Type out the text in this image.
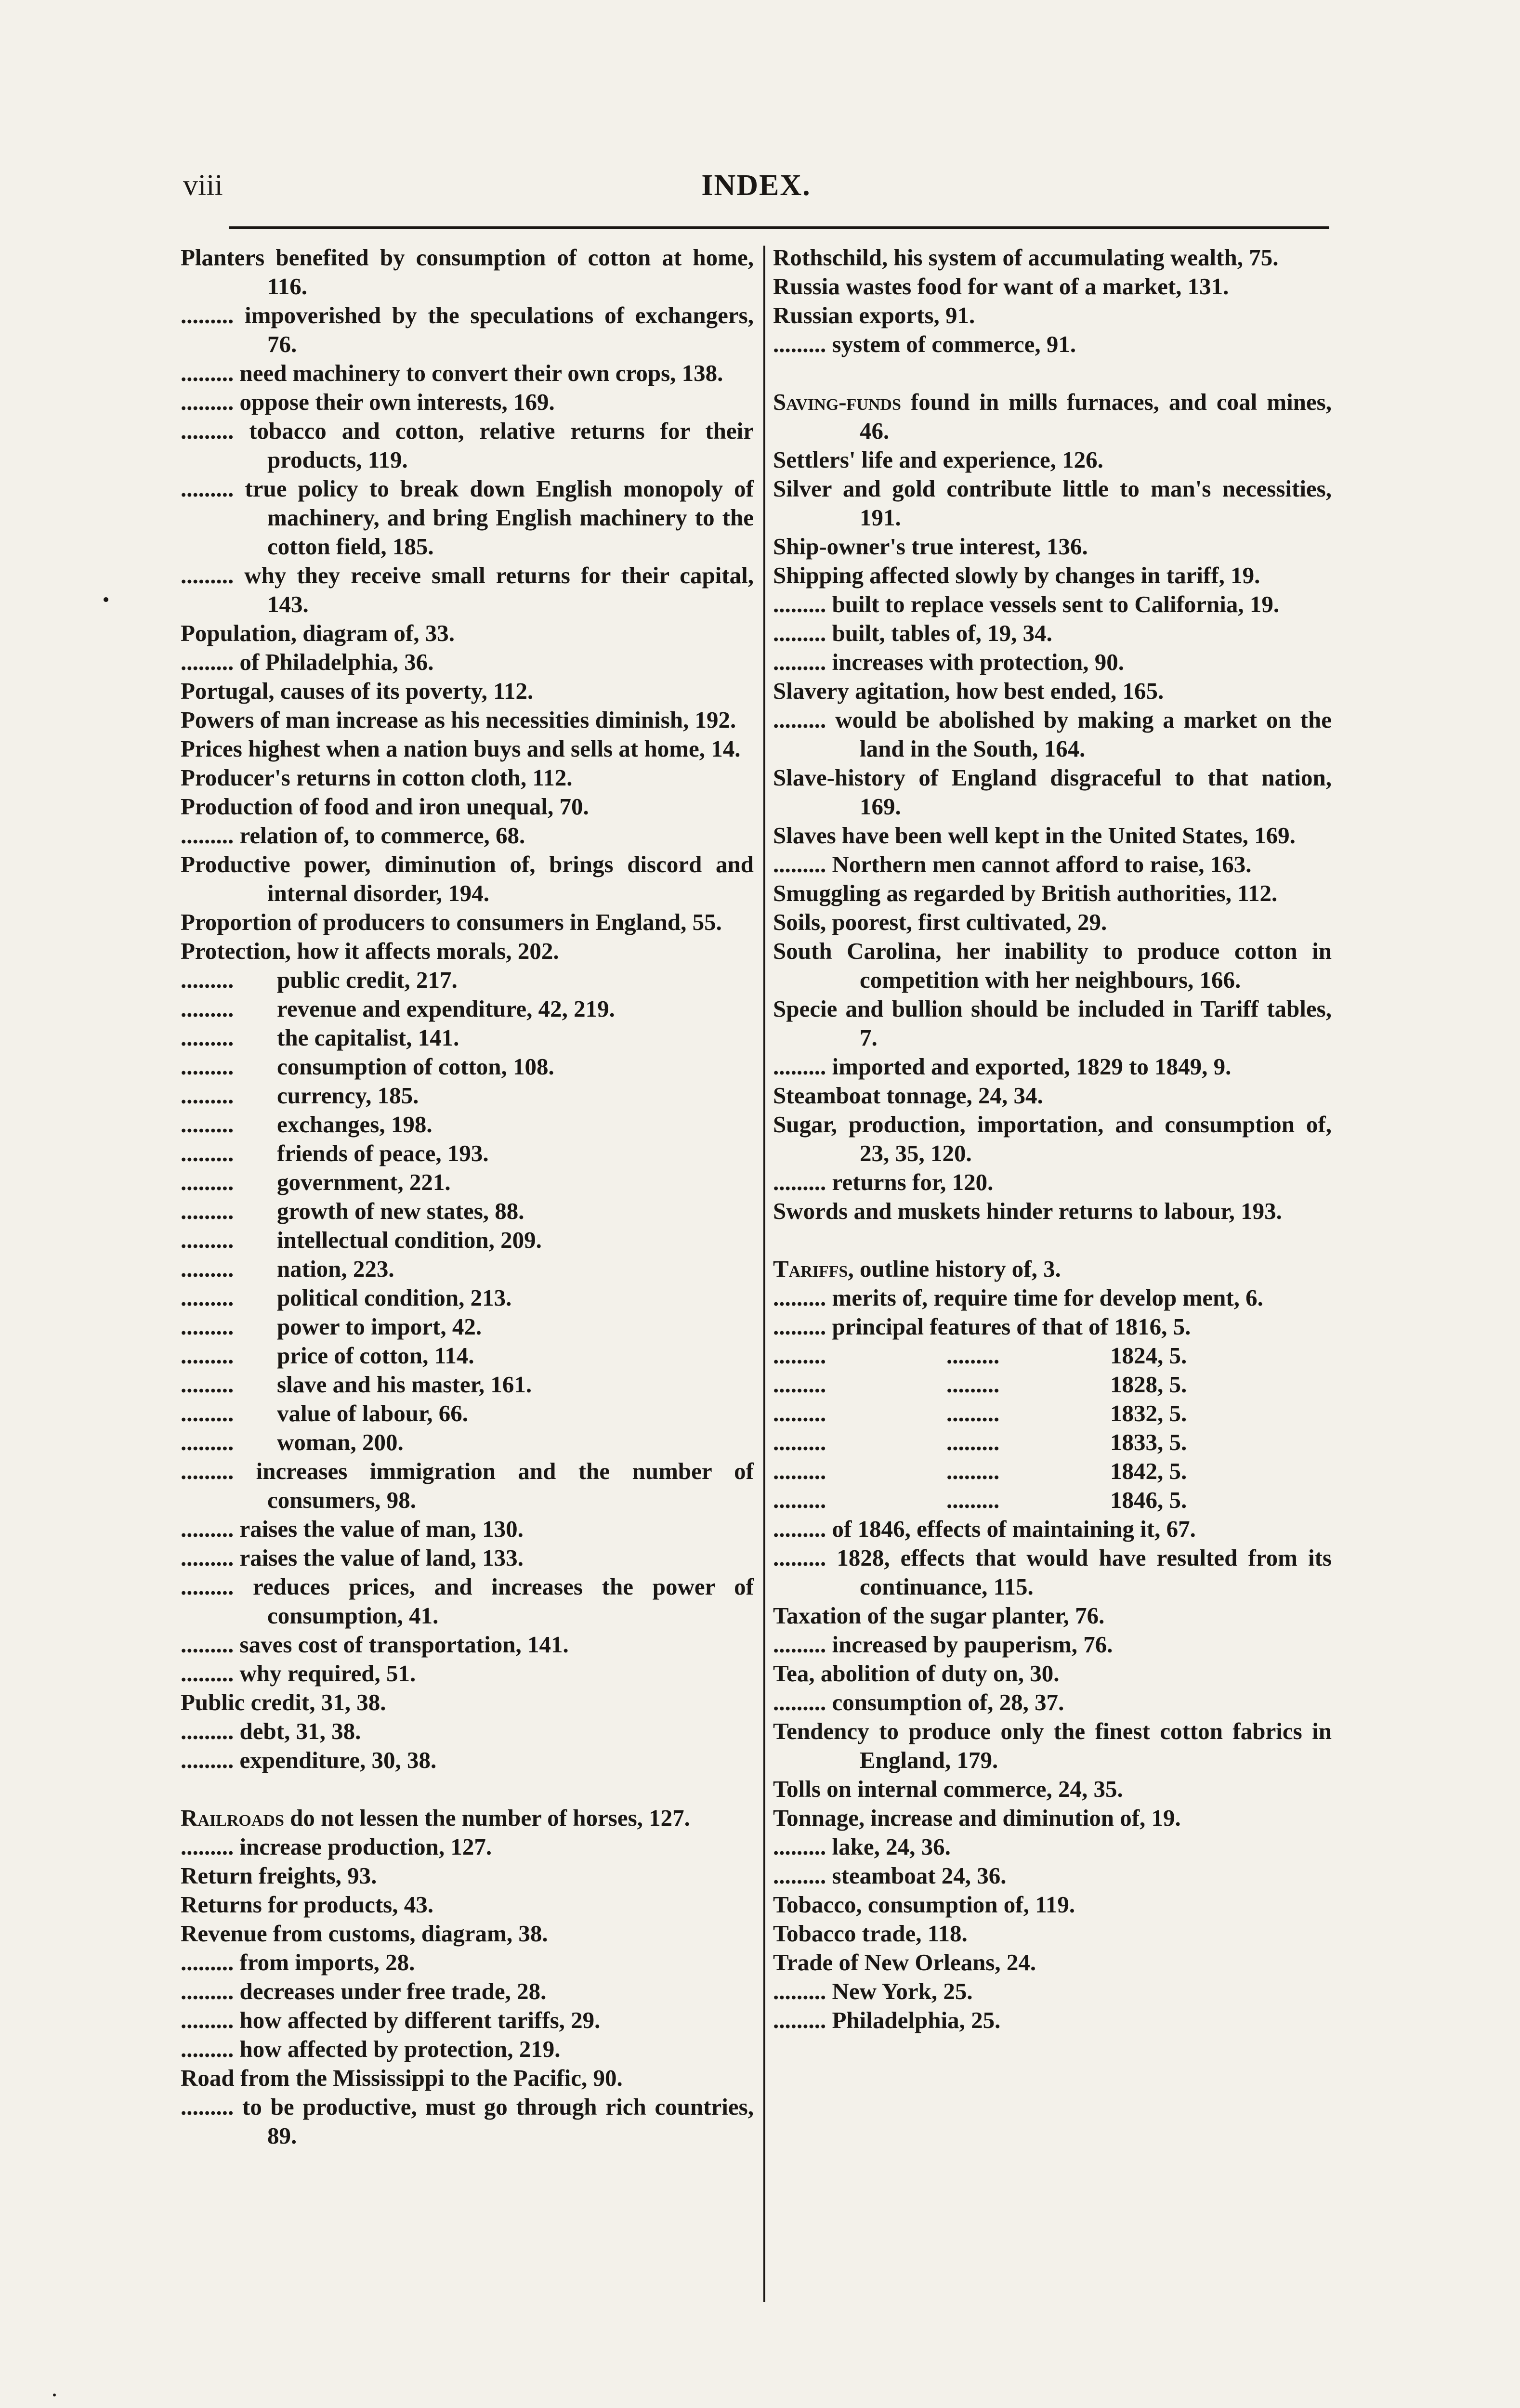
viii	INDEX.
Planters benefited by consumption of cotton at home, 116.
......... impoverished by the speculations of exchangers, 76.
......... need machinery to convert their own crops, 138.
......... oppose their own interests, 169.
......... tobacco and cotton, relative returns for their products, 119.
......... true policy to break down English monopoly of machinery, and bring English machinery to the cotton field, 185.
......... why they receive small returns for their capital, 143.
Population, diagram of, 33.
......... of Philadelphia, 36.
Portugal, causes of its poverty, 112.
Powers of man increase as his necessities diminish, 192.
Prices highest when a nation buys and sells at home, 14.
Producer's returns in cotton cloth, 112.
Production of food and iron unequal, 70.
......... relation of, to commerce, 68.
Productive power, diminution of, brings discord and internal disorder, 194.
Proportion of producers to consumers in England, 55.
Protection, how it affects morals, 202.
......... public credit, 217.
......... revenue and expenditure, 42, 219.
......... the capitalist, 141.
......... consumption of cotton, 108.
......... currency, 185.
......... exchanges, 198.
......... friends of peace, 193.
......... government, 221.
......... growth of new states, 88.
......... intellectual condition, 209.
......... nation, 223.
......... political condition, 213.
......... power to import, 42.
......... price of cotton, 114.
......... slave and his master, 161.
......... value of labour, 66.
......... woman, 200.
......... increases immigration and the number of consumers, 98.
......... raises the value of man, 130.
......... raises the value of land, 133.
......... reduces prices, and increases the power of consumption, 41.
......... saves cost of transportation, 141.
......... why required, 51.
Public credit, 31, 38.
......... debt, 31, 38.
......... expenditure, 30, 38.
Railroads do not lessen the number of horses, 127.
......... increase production, 127.
Return freights, 93.
Returns for products, 43.
Revenue from customs, diagram, 38.
......... from imports, 28.
......... decreases under free trade, 28.
......... how affected by different tariffs, 29.
......... how affected by protection, 219.
Road from the Mississippi to the Pacific, 90.
......... to be productive, must go through rich countries, 89.
Rothschild, his system of accumulating wealth, 75.
Russia wastes food for want of a market, 131.
Russian exports, 91.
......... system of commerce, 91.
Saving-funds found in mills furnaces, and coal mines, 46.
Settlers' life and experience, 126.
Silver and gold contribute little to man's necessities, 191.
Ship-owner's true interest, 136.
Shipping affected slowly by changes in tariff, 19.
......... built to replace vessels sent to California, 19.
......... built, tables of, 19, 34.
......... increases with protection, 90.
Slavery agitation, how best ended, 165.
......... would be abolished by making a market on the land in the South, 164.
Slave-history of England disgraceful to that nation, 169.
Slaves have been well kept in the United States, 169.
......... Northern men cannot afford to raise, 163.
Smuggling as regarded by British authorities, 112.
Soils, poorest, first cultivated, 29.
South Carolina, her inability to produce cotton in competition with her neighbours, 166.
Specie and bullion should be included in Tariff tables, 7.
......... imported and exported, 1829 to 1849, 9.
Steamboat tonnage, 24, 34.
Sugar, production, importation, and consumption of, 23, 35, 120.
......... returns for, 120.
Swords and muskets hinder returns to labour, 193.
Tariffs, outline history of, 3.
......... merits of, require time for develop ment, 6.
......... principal features of that of 1816, 5.
.........	.........	1824, 5.
.........	.........	1828, 5.
.........	.........	1832, 5.
.........	.........	1833, 5.
.........	.........	1842, 5.
.........	.........	1846, 5.
......... of 1846, effects of maintaining it, 67.
......... 1828, effects that would have resulted from its continuance, 115.
Taxation of the sugar planter, 76.
......... increased by pauperism, 76.
Tea, abolition of duty on, 30.
......... consumption of, 28, 37.
Tendency to produce only the finest cotton fabrics in England, 179.
Tolls on internal commerce, 24, 35.
Tonnage, increase and diminution of, 19.
......... lake, 24, 36.
......... steamboat 24, 36.
Tobacco, consumption of, 119.
Tobacco trade, 118.
Trade of New Orleans, 24.
......... New York, 25.
......... Philadelphia, 25.
